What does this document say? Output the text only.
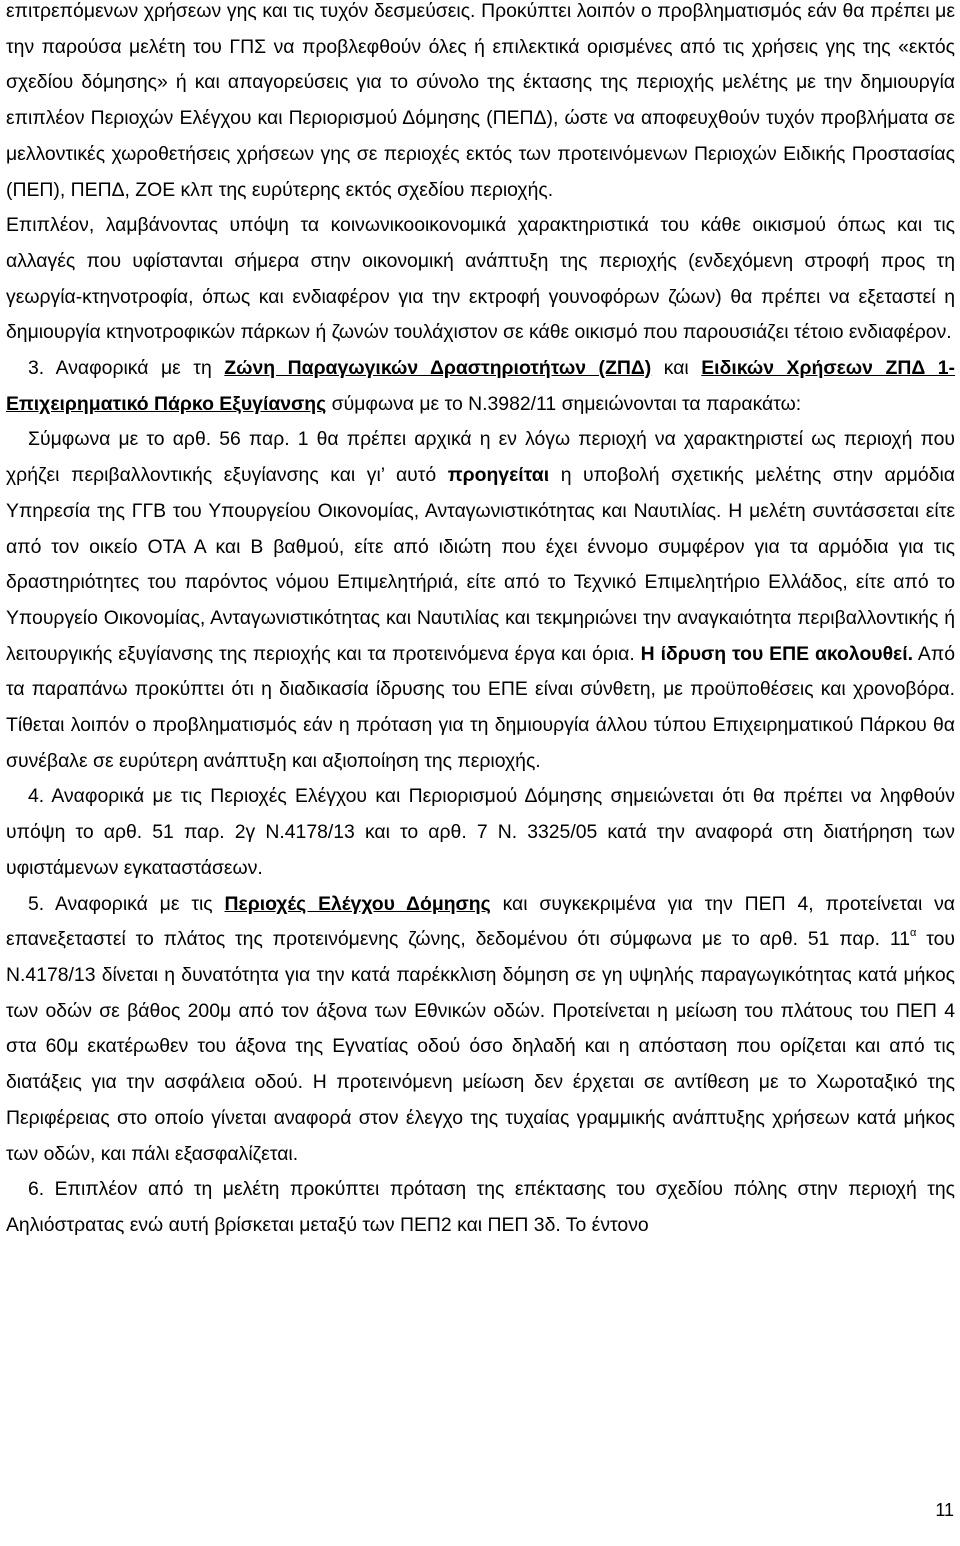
επιτρεπόμενων χρήσεων γης και τις τυχόν δεσμεύσεις. Προκύπτει λοιπόν ο προβληματισμός εάν θα πρέπει με την παρούσα μελέτη του ΓΠΣ να προβλεφθούν όλες ή επιλεκτικά ορισμένες από τις χρήσεις γης της «εκτός σχεδίου δόμησης» ή και απαγορεύσεις για το σύνολο της έκτασης της περιοχής μελέτης με την δημιουργία επιπλέον Περιοχών Ελέγχου και Περιορισμού Δόμησης (ΠΕΠΔ), ώστε να αποφευχθούν τυχόν προβλήματα σε μελλοντικές χωροθετήσεις χρήσεων γης σε περιοχές εκτός των προτεινόμενων Περιοχών Ειδικής Προστασίας (ΠΕΠ), ΠΕΠΔ, ΖΟΕ κλπ της ευρύτερης εκτός σχεδίου περιοχής.

Επιπλέον, λαμβάνοντας υπόψη τα κοινωνικοοικονομικά χαρακτηριστικά του κάθε οικισμού όπως και τις αλλαγές που υφίστανται σήμερα στην οικονομική ανάπτυξη της περιοχής (ενδεχόμενη στροφή προς τη γεωργία-κτηνοτροφία, όπως και ενδιαφέρον για την εκτροφή γουνοφόρων ζώων) θα πρέπει να εξεταστεί η δημιουργία κτηνοτροφικών πάρκων ή ζωνών τουλάχιστον σε κάθε οικισμό που παρουσιάζει τέτοιο ενδιαφέρον.

3. Αναφορικά με τη Ζώνη Παραγωγικών Δραστηριοτήτων (ΖΠΔ) και Ειδικών Χρήσεων ΖΠΔ 1-Επιχειρηματικό Πάρκο Εξυγίανσης σύμφωνα με το Ν.3982/11 σημειώνονται τα παρακάτω:

Σύμφωνα με το αρθ. 56 παρ. 1 θα πρέπει αρχικά η εν λόγω περιοχή να χαρακτηριστεί ως περιοχή που χρήζει περιβαλλοντικής εξυγίανσης και γι’ αυτό προηγείται η υποβολή σχετικής μελέτης στην αρμόδια Υπηρεσία της ΓΓΒ του Υπουργείου Οικονομίας, Ανταγωνιστικότητας και Ναυτιλίας. Η μελέτη συντάσσεται είτε από τον οικείο ΟΤΑ Α και Β βαθμού, είτε από ιδιώτη που έχει έννομο συμφέρον για τα αρμόδια για τις δραστηριότητες του παρόντος νόμου Επιμελητήριά, είτε από το Τεχνικό Επιμελητήριο Ελλάδος, είτε από το Υπουργείο Οικονομίας, Ανταγωνιστικότητας και Ναυτιλίας και τεκμηριώνει την αναγκαιότητα περιβαλλοντικής ή λειτουργικής εξυγίανσης της περιοχής και τα προτεινόμενα έργα και όρια. Η ίδρυση του ΕΠΕ ακολουθεί. Από τα παραπάνω προκύπτει ότι η διαδικασία ίδρυσης του ΕΠΕ είναι σύνθετη, με προϋποθέσεις και χρονοβόρα. Τίθεται λοιπόν ο προβληματισμός εάν η πρόταση για τη δημιουργία άλλου τύπου Επιχειρηματικού Πάρκου θα συνέβαλε σε ευρύτερη ανάπτυξη και αξιοποίηση της περιοχής.

4. Αναφορικά με τις Περιοχές Ελέγχου και Περιορισμού Δόμησης σημειώνεται ότι θα πρέπει να ληφθούν υπόψη το αρθ. 51 παρ. 2γ Ν.4178/13 και το αρθ. 7 Ν. 3325/05 κατά την αναφορά στη διατήρηση των υφιστάμενων εγκαταστάσεων.

5. Αναφορικά με τις Περιοχές Ελέγχου Δόμησης και συγκεκριμένα για την ΠΕΠ 4, προτείνεται να επανεξεταστεί το πλάτος της προτεινόμενης ζώνης, δεδομένου ότι σύμφωνα με το αρθ. 51 παρ. $11^\alpha$ του Ν.4178/13 δίνεται η δυνατότητα για την κατά παρέκκλιση δόμηση σε γη υψηλής παραγωγικότητας κατά μήκος των οδών σε βάθος 200μ από τον άξονα των Εθνικών οδών. Προτείνεται η μείωση του πλάτους του ΠΕΠ 4 στα 60μ εκατέρωθεν του άξονα της Εγνατίας οδού όσο δηλαδή και η απόσταση που ορίζεται και από τις διατάξεις για την ασφάλεια οδού. Η προτεινόμενη μείωση δεν έρχεται σε αντίθεση με το Χωροταξικό της Περιφέρειας στο οποίο γίνεται αναφορά στον έλεγχο της τυχαίας γραμμικής ανάπτυξης χρήσεων κατά μήκος των οδών, και πάλι εξασφαλίζεται.

6. Επιπλέον από τη μελέτη προκύπτει πρόταση της επέκτασης του σχεδίου πόλης στην περιοχή της Αηλιόστρατας ενώ αυτή βρίσκεται μεταξύ των ΠΕΠ2 και ΠΕΠ 3δ. Το έντονο

11
